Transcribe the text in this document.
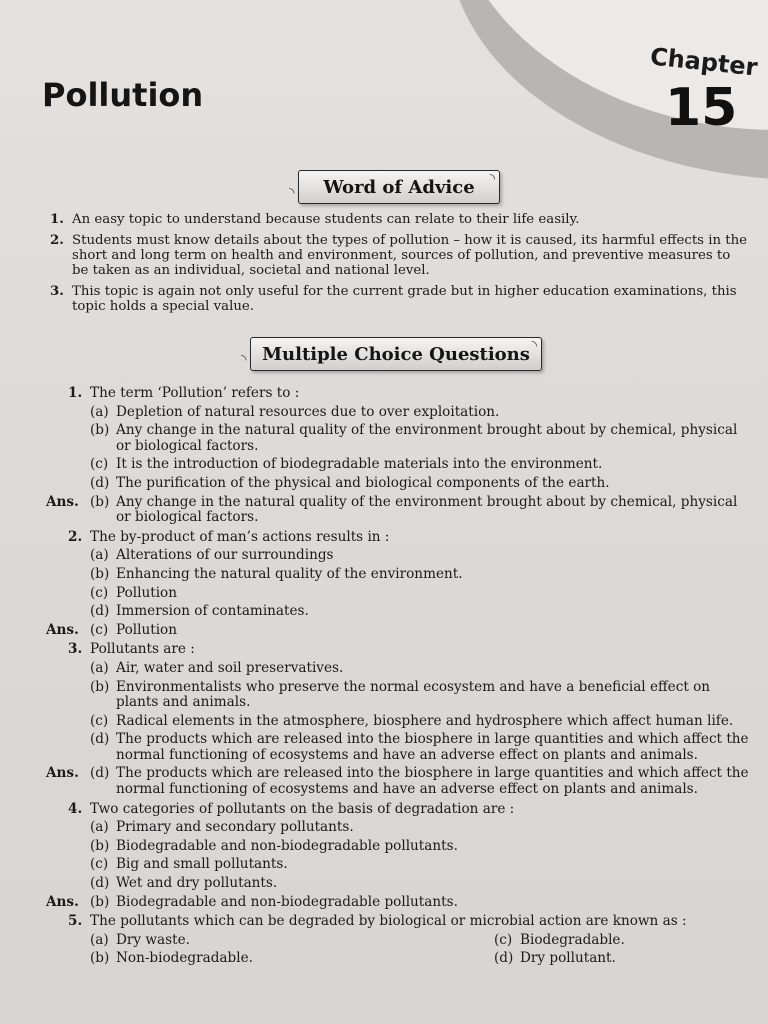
Chapter
15
Pollution
◝ Word of Advice ◝
1. An easy topic to understand because students can relate to their life easily.
2. Students must know details about the types of pollution – how it is caused, its harmful effects in the short and long term on health and environment, sources of pollution, and preventive measures to be taken as an individual, societal and national level.
3. This topic is again not only useful for the current grade but in higher education examinations, this topic holds a special value.
◝ Multiple Choice Questions ◝
1. The term ‘Pollution’ refers to :
(a) Depletion of natural resources due to over exploitation.
(b) Any change in the natural quality of the environment brought about by chemical, physical or biological factors.
(c) It is the introduction of biodegradable materials into the environment.
(d) The purification of the physical and biological components of the earth.
Ans. (b) Any change in the natural quality of the environment brought about by chemical, physical or biological factors.
2. The by-product of man’s actions results in :
(a) Alterations of our surroundings
(b) Enhancing the natural quality of the environment.
(c) Pollution
(d) Immersion of contaminates.
Ans. (c) Pollution
3. Pollutants are :
(a) Air, water and soil preservatives.
(b) Environmentalists who preserve the normal ecosystem and have a beneficial effect on plants and animals.
(c) Radical elements in the atmosphere, biosphere and hydrosphere which affect human life.
(d) The products which are released into the biosphere in large quantities and which affect the normal functioning of ecosystems and have an adverse effect on plants and animals.
Ans. (d) The products which are released into the biosphere in large quantities and which affect the normal functioning of ecosystems and have an adverse effect on plants and animals.
4. Two categories of pollutants on the basis of degradation are :
(a) Primary and secondary pollutants.
(b) Biodegradable and non-biodegradable pollutants.
(c) Big and small pollutants.
(d) Wet and dry pollutants.
Ans. (b) Biodegradable and non-biodegradable pollutants.
5. The pollutants which can be degraded by biological or microbial action are known as :
(a) Dry waste.
(b) Non-biodegradable.
(c) Biodegradable.
(d) Dry pollutant.
